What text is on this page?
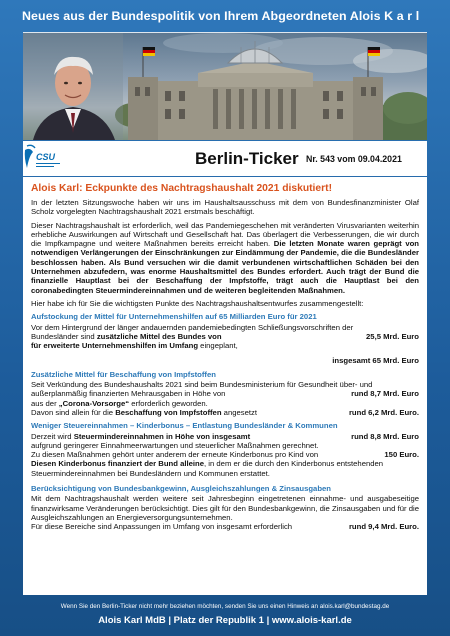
Neues aus der Bundespolitik von Ihrem Abgeordneten Alois K a r l
CSU	Berlin-Ticker Nr. 543 vom 09.04.2021
Alois Karl: Eckpunkte des Nachtragshaushalt 2021 diskutiert!

In der letzten Sitzungswoche haben wir uns im Haushaltsausschuss mit dem von Bundesfinanzminister Olaf Scholz vorgelegten Nachtragshaushalt 2021 erstmals beschäftigt.

Dieser Nachtragshaushalt ist erforderlich, weil das Pandemiegeschehen mit veränderten Virusvarianten weiterhin erhebliche Auswirkungen auf Wirtschaft und Gesellschaft hat. Das überlagert die Verbesserungen, die wir durch die Impfkampagne und weitere Maßnahmen bereits erreicht haben. Die letzten Monate waren geprägt von notwendigen Verlängerungen der Einschränkungen zur Eindämmung der Pandemie, die die Bundesländer beschlossen haben. Als Bund versuchen wir die damit verbundenen wirtschaftlichen Schäden bei den Unternehmen abzufedern, was enorme Haushaltsmittel des Bundes erfordert. Auch trägt der Bund die finanzielle Hauptlast bei der Beschaffung der Impfstoffe, trägt auch die Hauptlast bei den coronabedingten Steuermindereinnahmen und de weiteren begleitenden Maßnahmen.

Hier habe ich für Sie die wichtigsten Punkte des Nachtragshaushaltsentwurfes zusammengestellt:

Aufstockung der Mittel für Unternehmenshilfen auf 65 Milliarden Euro für 2021

Vor dem Hintergrund der länger andauernden pandemiebedingten Schließungsvorschriften der

Bundesländer sind zusätzliche Mittel des Bundes von	25,5 Mrd. Euro
für erweiterte Unternehmenshilfen im Umfang eingeplant,
insgesamt 65 Mrd. Euro
Zusätzliche Mittel für Beschaffung von Impfstoffen

Seit Verkündung des Bundeshaushalts 2021 sind beim Bundesministerium für Gesundheit über- und

außerplanmäßig finanzierten Mehrausgaben in Höhe von	rund 8,7 Mrd. Euro
aus der „Corona-Vorsorge“ erforderlich geworden.
Davon sind allein für die Beschaffung von Impfstoffen angesetzt	rund 6,2 Mrd. Euro.
Weniger Steuereinnahmen – Kinderbonus – Entlastung Bundesländer & Kommunen
Derzeit wird Steuermindereinnahmen in Höhe von insgesamt	rund 8,8 Mrd. Euro

aufgrund geringerer Einnahmeerwartungen und steuerlicher Maßnahmen gerechnet.

Zu diesen Maßnahmen gehört unter anderem der erneute Kinderbonus pro Kind von	150 Euro.
Diesen Kinderbonus finanziert der Bund alleine, in dem er die durch den Kinderbonus entstehenden

Steuermindereinnahmen bei Bundesländern und Kommunen erstattet.

Berücksichtigung von Bundesbankgewinn, Ausgleichszahlungen & Zinsausgaben

Mit dem Nachtragshaushalt werden weitere seit Jahresbeginn eingetretenen einnahme- und ausgabeseitige finanzwirksame Veränderungen berücksichtigt. Dies gilt für den Bundesbankgewinn, die Zinsausgaben und für die Ausgleichszahlungen an Energieversorgungsunternehmen.

Für diese Bereiche sind Anpassungen im Umfang von insgesamt erforderlich	rund 9,4 Mrd. Euro.
Wenn Sie den Berlin-Ticker nicht mehr beziehen möchten, senden Sie uns einen Hinweis an alois.karl@bundestag.de
Alois Karl MdB | Platz der Republik 1 | www.alois-karl.de
